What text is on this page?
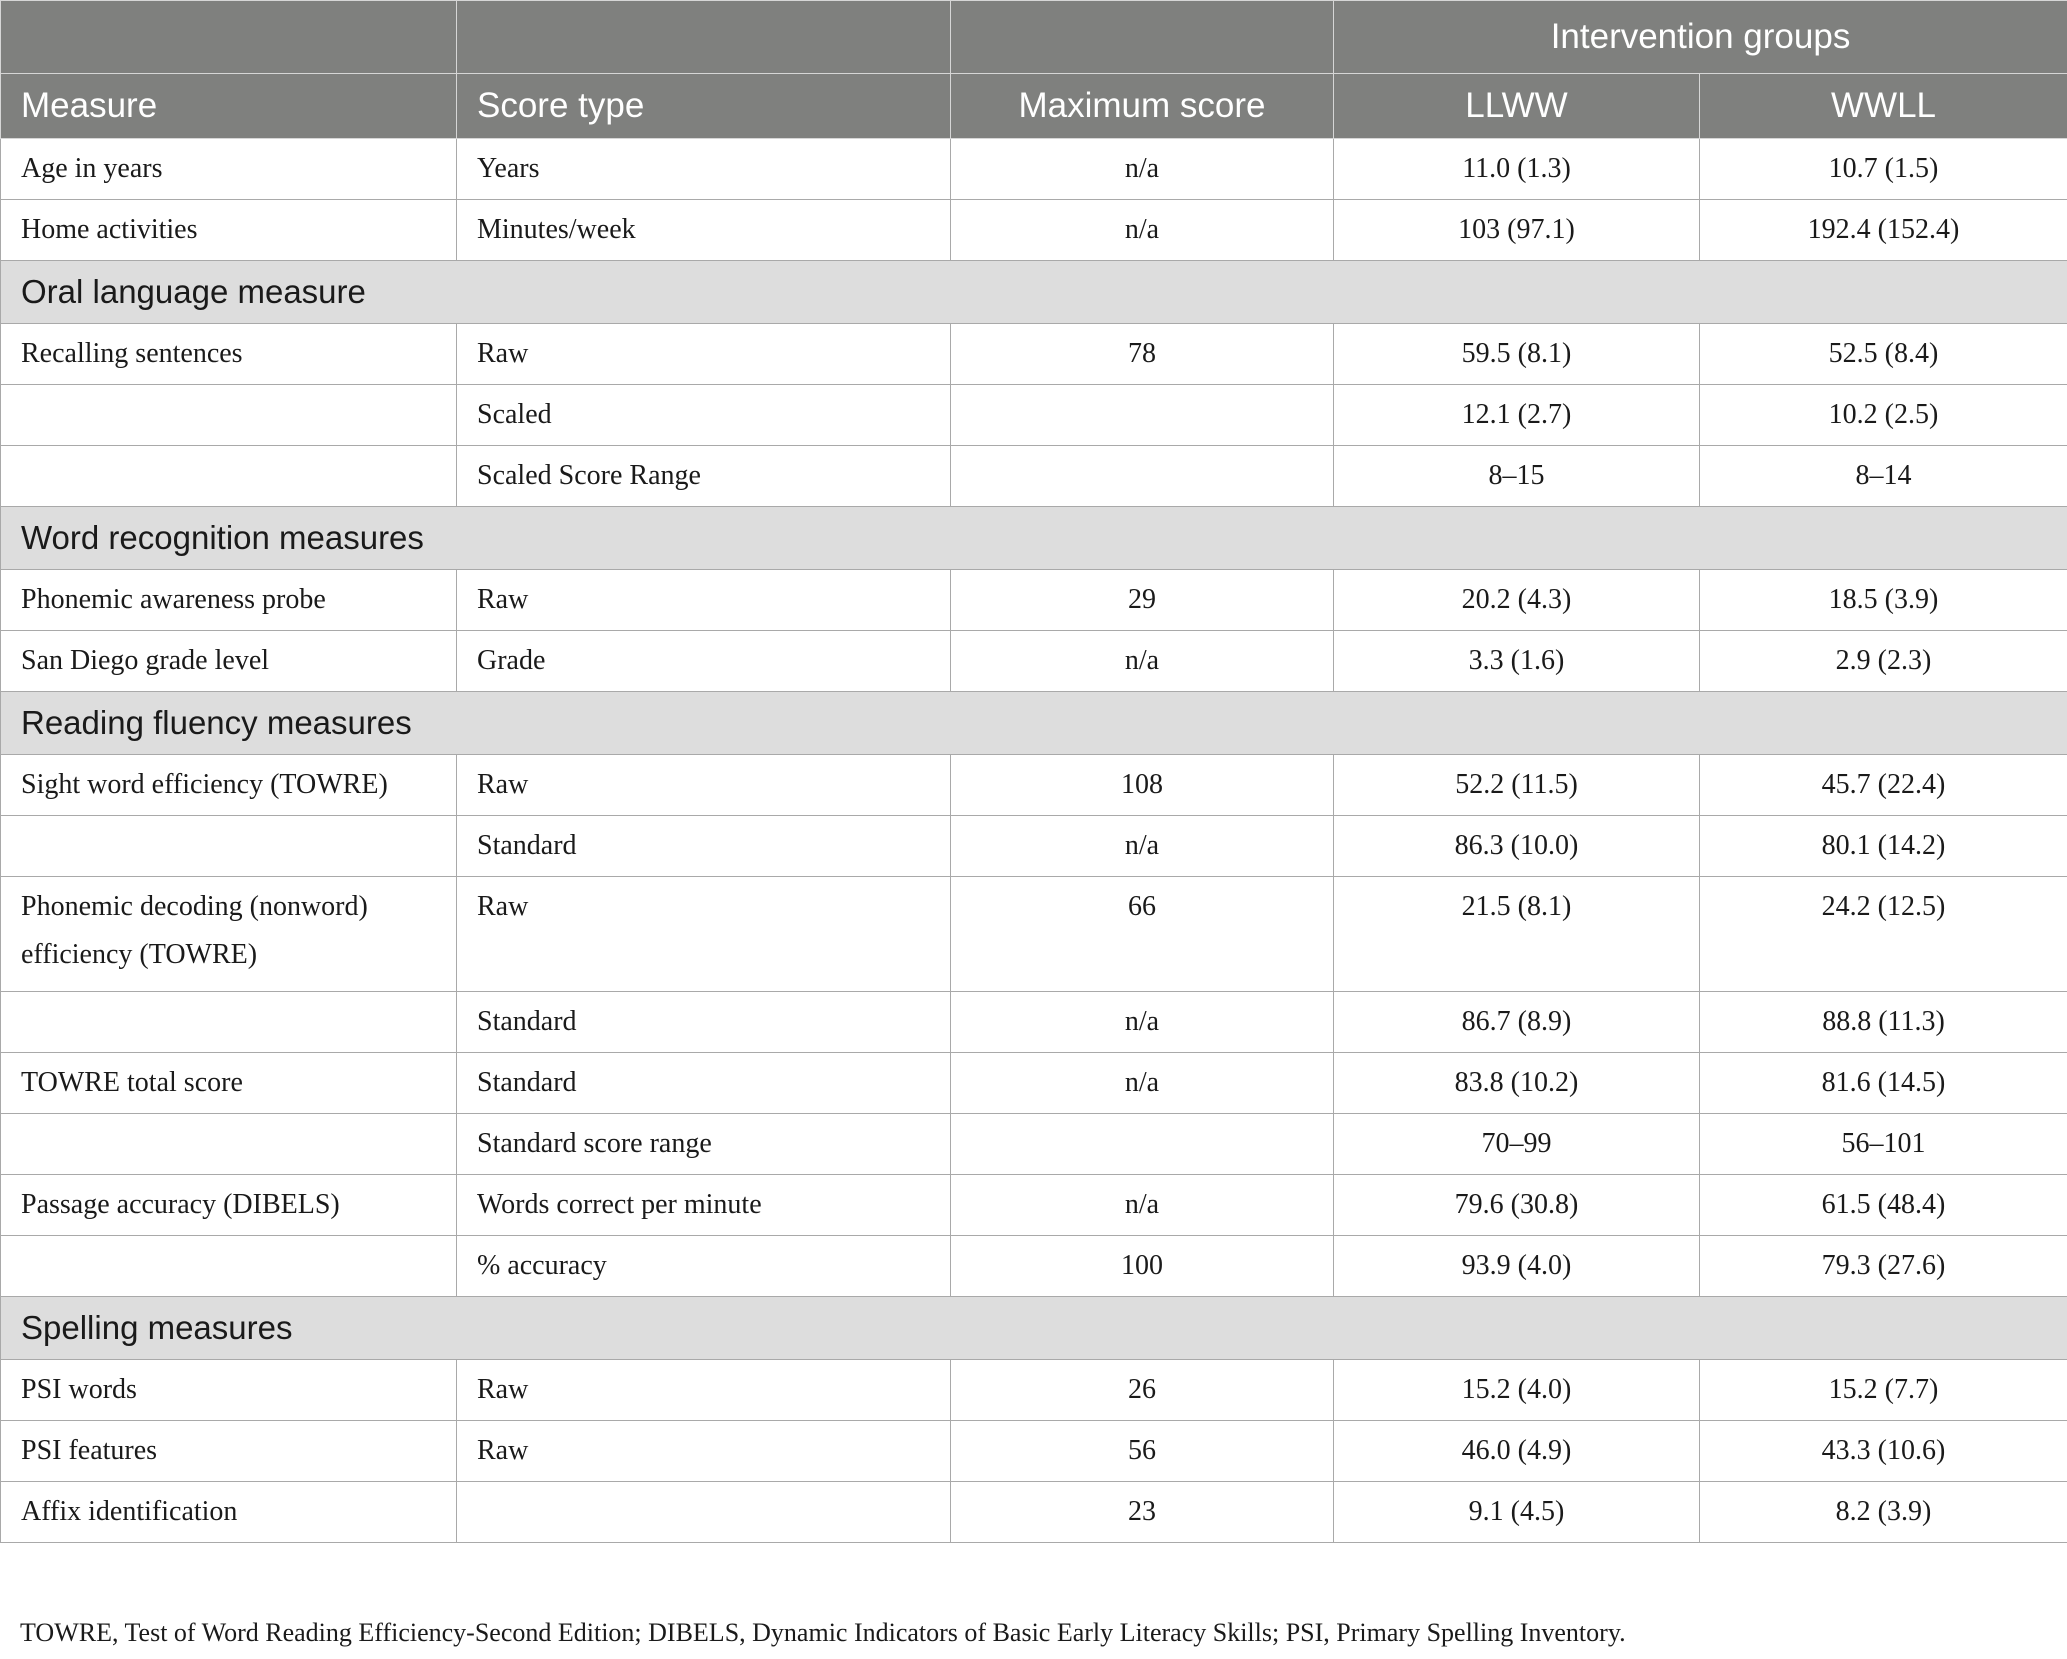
			Intervention groups	
Measure	Score type	Maximum score	LLWW	WWLL
Age in years	Years	n/a	11.0 (1.3)	10.7 (1.5)
Home activities	Minutes/week	n/a	103 (97.1)	192.4 (152.4)
Oral language measure				
Recalling sentences	Raw	78	59.5 (8.1)	52.5 (8.4)
	Scaled		12.1 (2.7)	10.2 (2.5)
	Scaled Score Range		8–15	8–14
Word recognition measures				
Phonemic awareness probe	Raw	29	20.2 (4.3)	18.5 (3.9)
San Diego grade level	Grade	n/a	3.3 (1.6)	2.9 (2.3)
Reading fluency measures				
Sight word efficiency (TOWRE)	Raw	108	52.2 (11.5)	45.7 (22.4)
	Standard	n/a	86.3 (10.0)	80.1 (14.2)
Phonemic decoding (nonword) efficiency (TOWRE)	Raw	66	21.5 (8.1)	24.2 (12.5)
	Standard	n/a	86.7 (8.9)	88.8 (11.3)
TOWRE total score	Standard	n/a	83.8 (10.2)	81.6 (14.5)
	Standard score range		70–99	56–101
Passage accuracy (DIBELS)	Words correct per minute	n/a	79.6 (30.8)	61.5 (48.4)
	% accuracy	100	93.9 (4.0)	79.3 (27.6)
Spelling measures				
PSI words	Raw	26	15.2 (4.0)	15.2 (7.7)
PSI features	Raw	56	46.0 (4.9)	43.3 (10.6)
Affix identification		23	9.1 (4.5)	8.2 (3.9)
TOWRE, Test of Word Reading Efficiency-Second Edition; DIBELS, Dynamic Indicators of Basic Early Literacy Skills; PSI, Primary Spelling Inventory.
